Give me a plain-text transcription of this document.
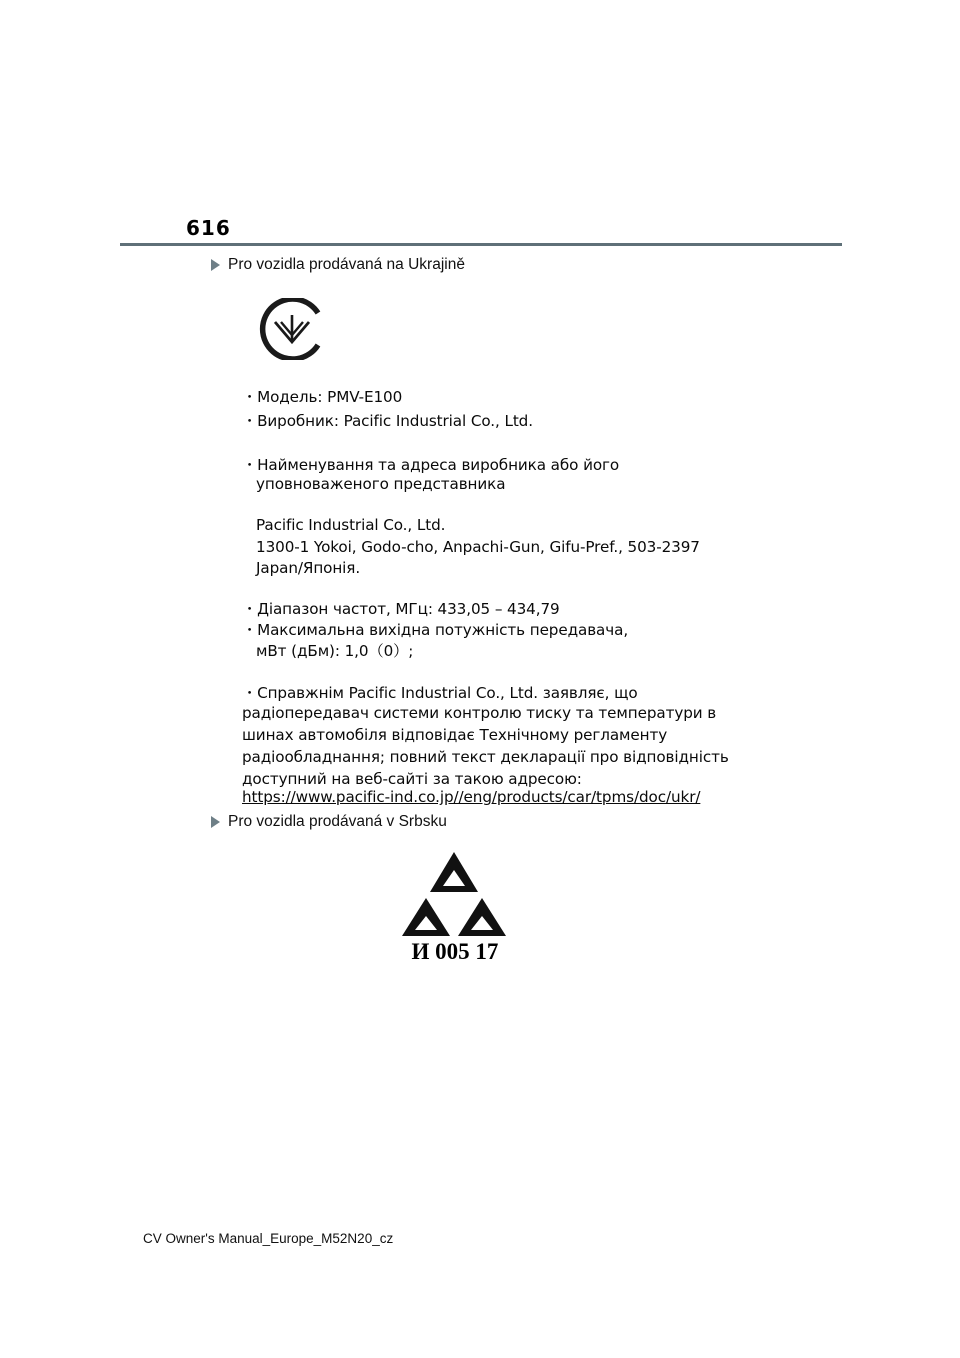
616
Pro vozidla prodávaná na Ukrajině
・Модель: PMV-E100
・Виробник: Pacific Industrial Co., Ltd.
・Найменування та адреса виробника або його
уповноваженого представника
Pacific Industrial Co., Ltd.
1300-1 Yokoi, Godo-cho, Anpachi-Gun, Gifu-Pref., 503-2397
Japan/Японія.
・Діапазон частот, МГц: 433,05 – 434,79
・Максимальна вихідна потужність передавача,
мВт (дБм): 1,0（0）;
・Справжнім Pacific Industrial Co., Ltd. заявляє, що
радіопередавач системи контролю тиску та температури в
шинах автомобіля відповідає Технічному регламенту
радіообладнання; повний текст декларації про відповідність
доступний на веб-сайті за такою адресою:
https://www.pacific-ind.co.jp//eng/products/car/tpms/doc/ukr/
Pro vozidla prodávaná v Srbsku
И 005 17
CV Owner's Manual_Europe_M52N20_cz
